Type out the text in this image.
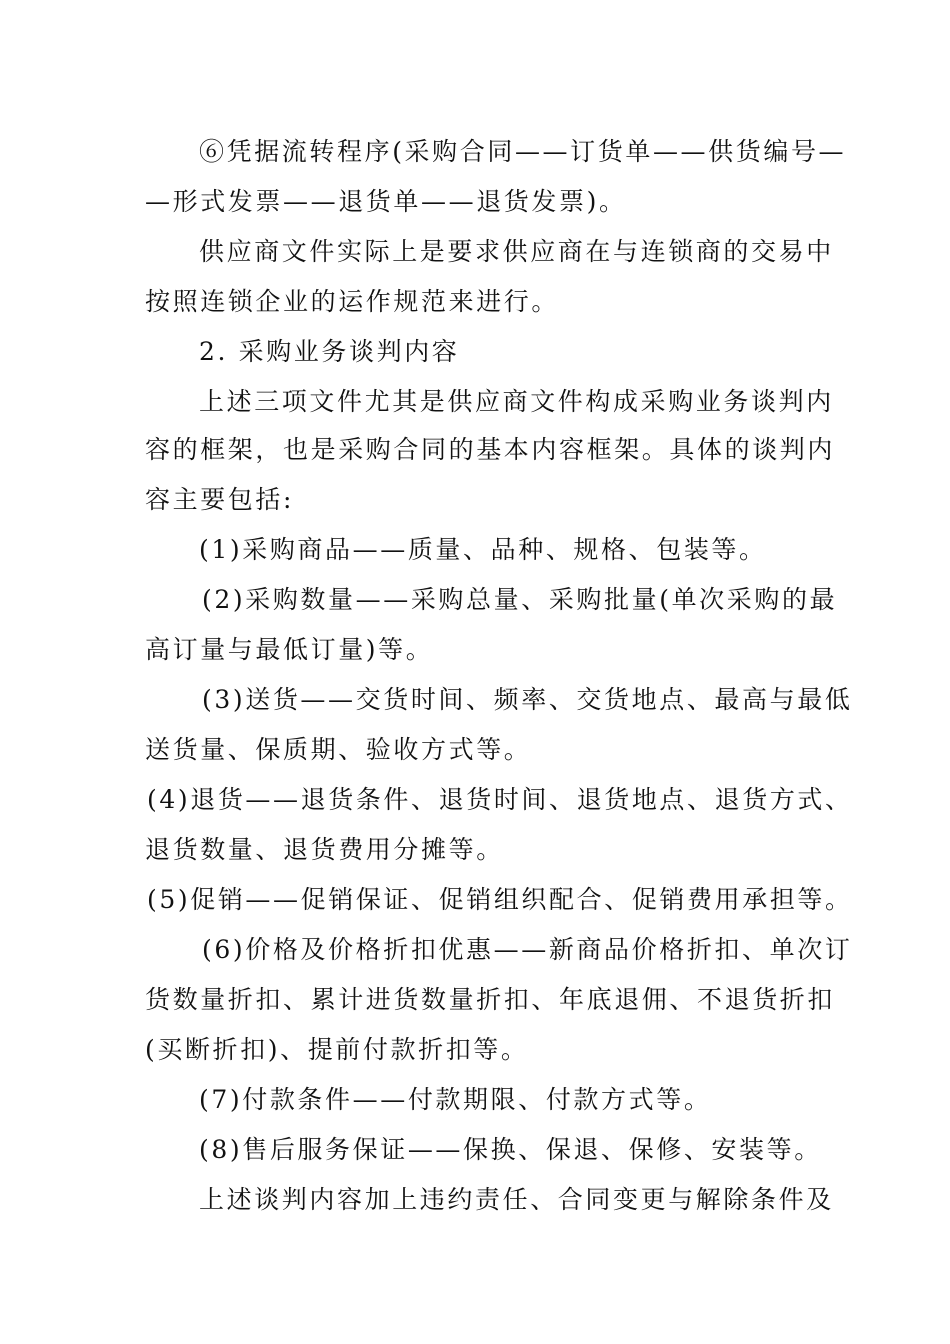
⑥凭据流转程序(采购合同——订货单——供货编号—
—形式发票——退货单——退货发票)。
供应商文件实际上是要求供应商在与连锁商的交易中
按照连锁企业的运作规范来进行。
2. 采购业务谈判内容
上述三项文件尤其是供应商文件构成采购业务谈判内
容的框架，也是采购合同的基本内容框架。具体的谈判内
容主要包括:
(1)采购商品——质量、品种、规格、包装等。
(2)采购数量——采购总量、采购批量(单次采购的最
高订量与最低订量)等。
(3)送货——交货时间、频率、交货地点、最高与最低
送货量、保质期、验收方式等。
(4)退货——退货条件、退货时间、退货地点、退货方式、
退货数量、退货费用分摊等。
(5)促销——促销保证、促销组织配合、促销费用承担等。
(6)价格及价格折扣优惠——新商品价格折扣、单次订
货数量折扣、累计进货数量折扣、年底退佣、不退货折扣
(买断折扣)、提前付款折扣等。
(7)付款条件——付款期限、付款方式等。
(8)售后服务保证——保换、保退、保修、安装等。
上述谈判内容加上违约责任、合同变更与解除条件及
